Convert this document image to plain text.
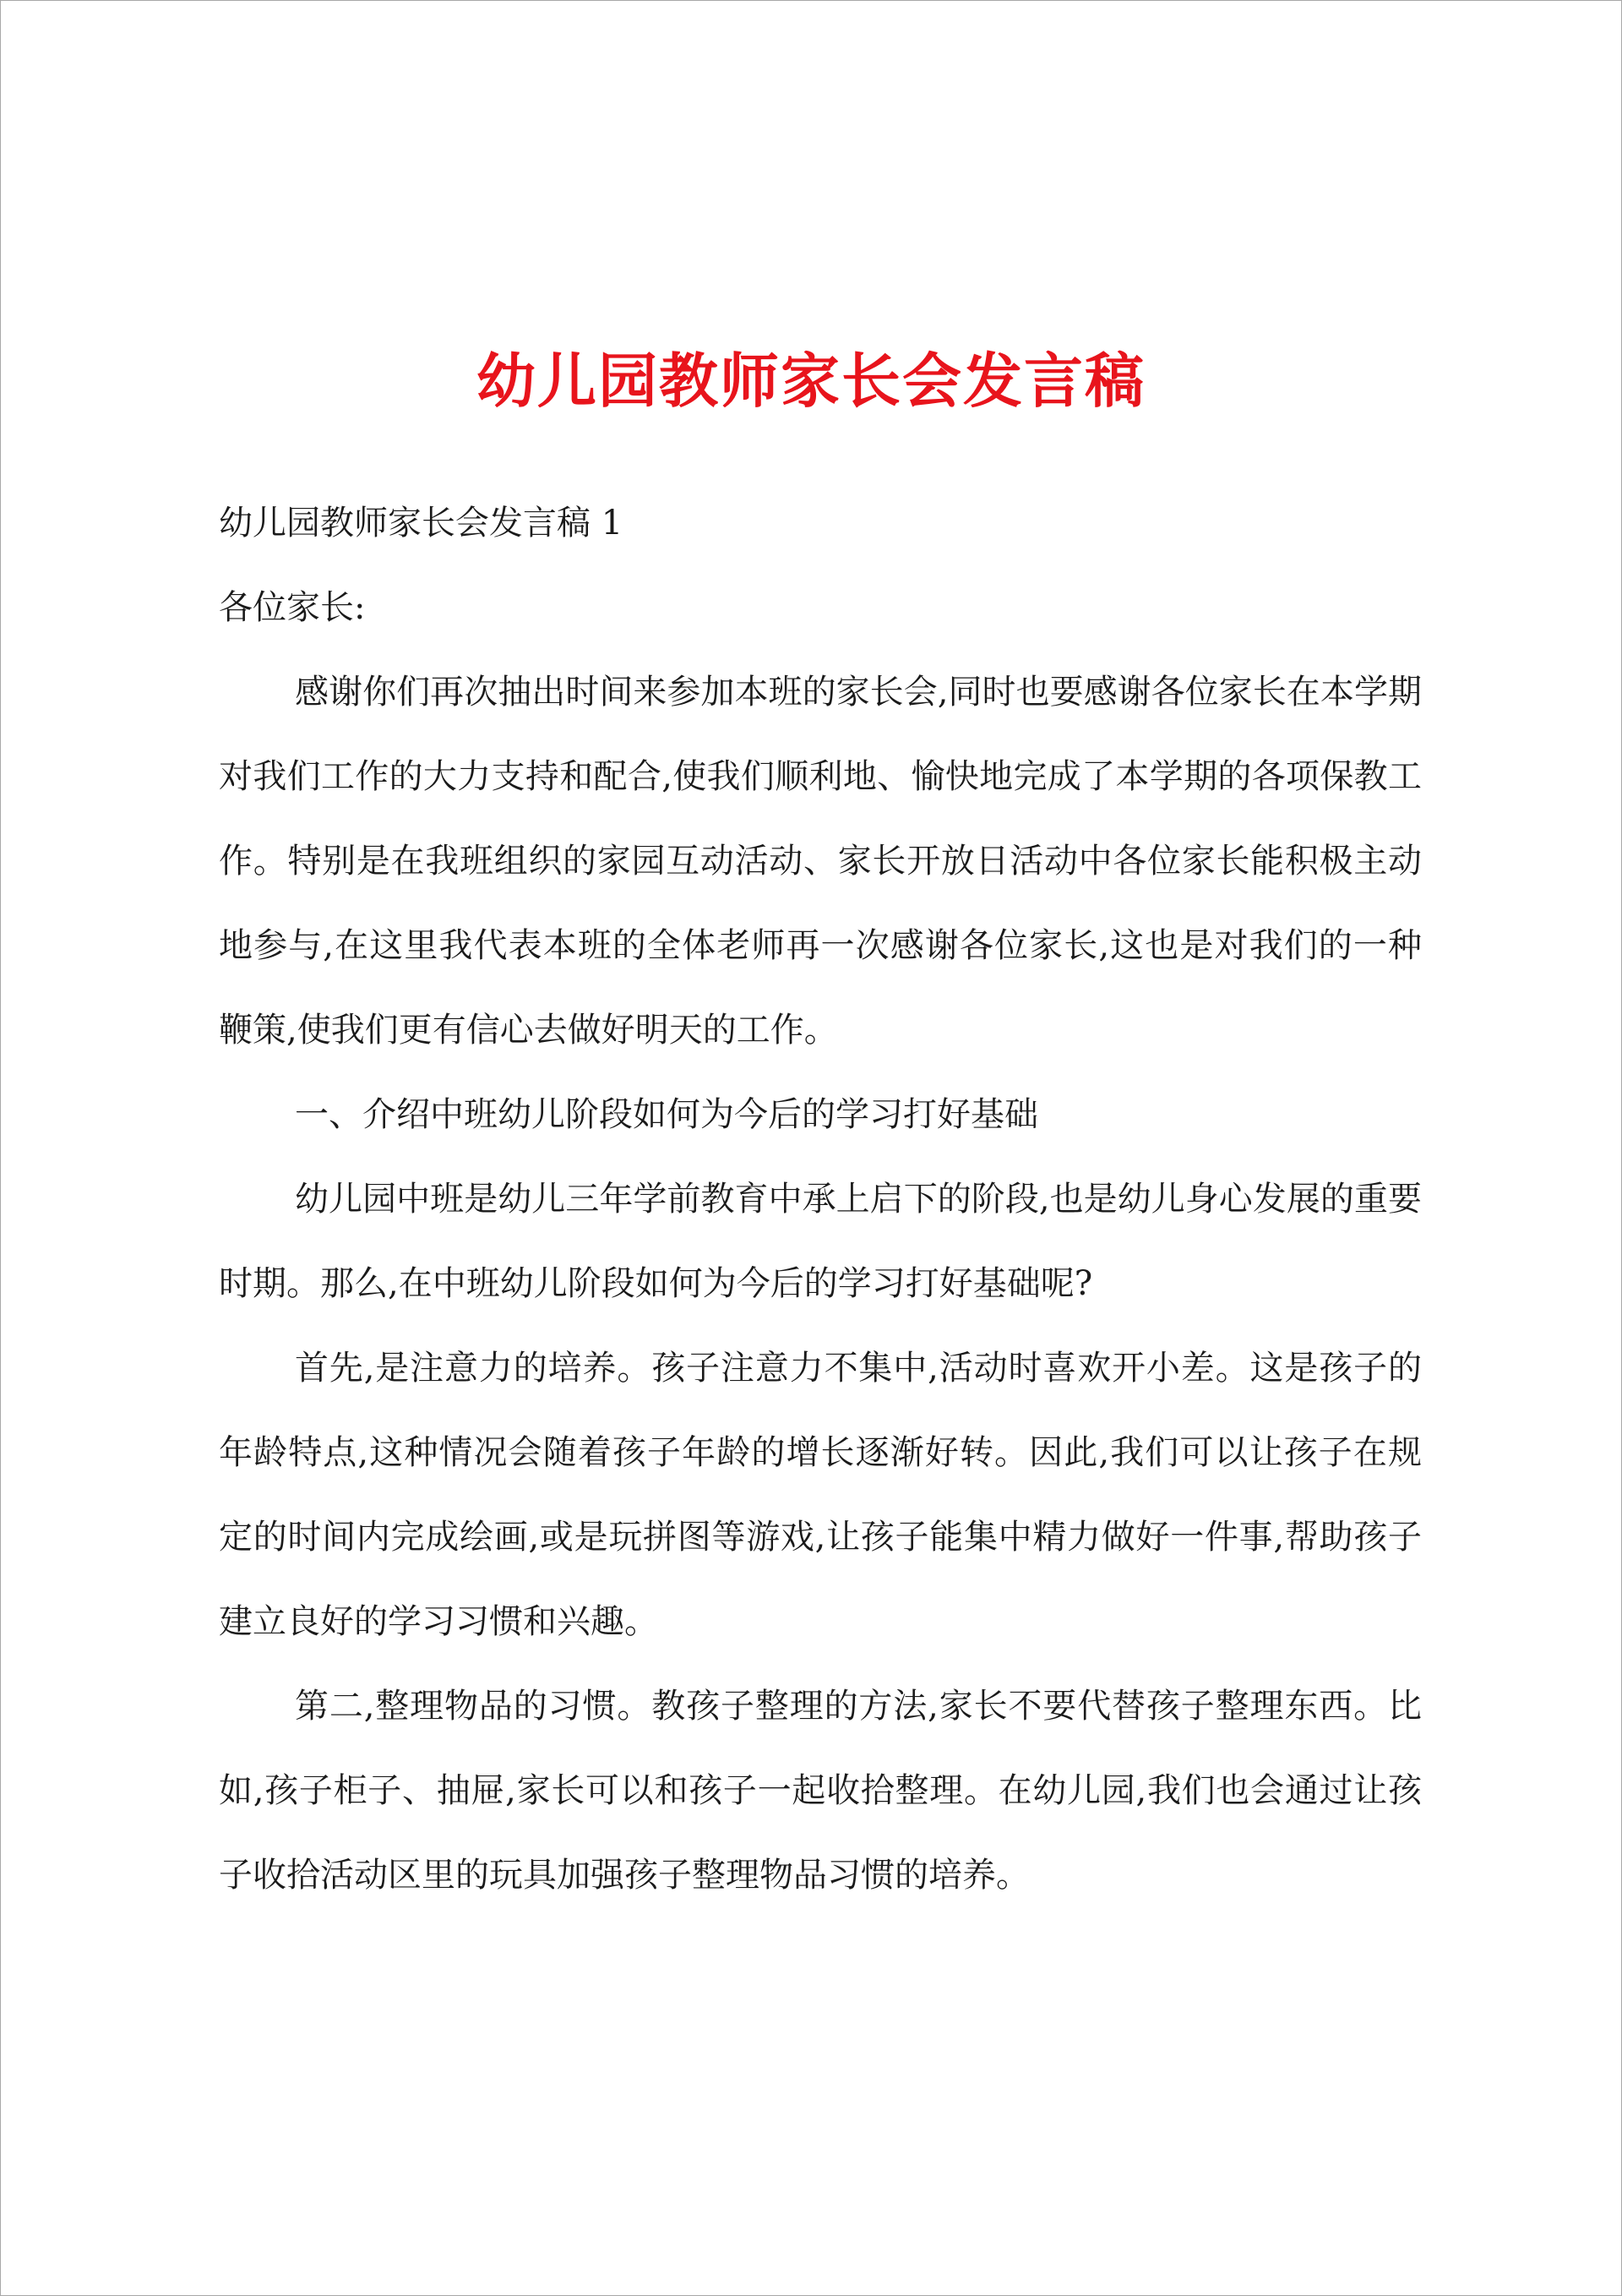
幼儿园教师家长会发言稿

幼儿园教师家长会发言稿 1

各位家长:

感谢你们再次抽出时间来参加本班的家长会,同时也要感谢各位家长在本学期对我们工作的大力支持和配合,使我们顺利地、愉快地完成了本学期的各项保教工作。特别是在我班组织的家园互动活动、家长开放日活动中各位家长能积极主动地参与,在这里我代表本班的全体老师再一次感谢各位家长,这也是对我们的一种鞭策,使我们更有信心去做好明天的工作。

一、介绍中班幼儿阶段如何为今后的学习打好基础

幼儿园中班是幼儿三年学前教育中承上启下的阶段,也是幼儿身心发展的重要时期。那么,在中班幼儿阶段如何为今后的学习打好基础呢?

首先,是注意力的培养。孩子注意力不集中,活动时喜欢开小差。这是孩子的年龄特点,这种情况会随着孩子年龄的增长逐渐好转。因此,我们可以让孩子在规定的时间内完成绘画,或是玩拼图等游戏,让孩子能集中精力做好一件事,帮助孩子建立良好的学习习惯和兴趣。

第二,整理物品的习惯。教孩子整理的方法,家长不要代替孩子整理东西。比如,孩子柜子、抽屉,家长可以和孩子一起收拾整理。在幼儿园,我们也会通过让孩子收拾活动区里的玩具加强孩子整理物品习惯的培养。
